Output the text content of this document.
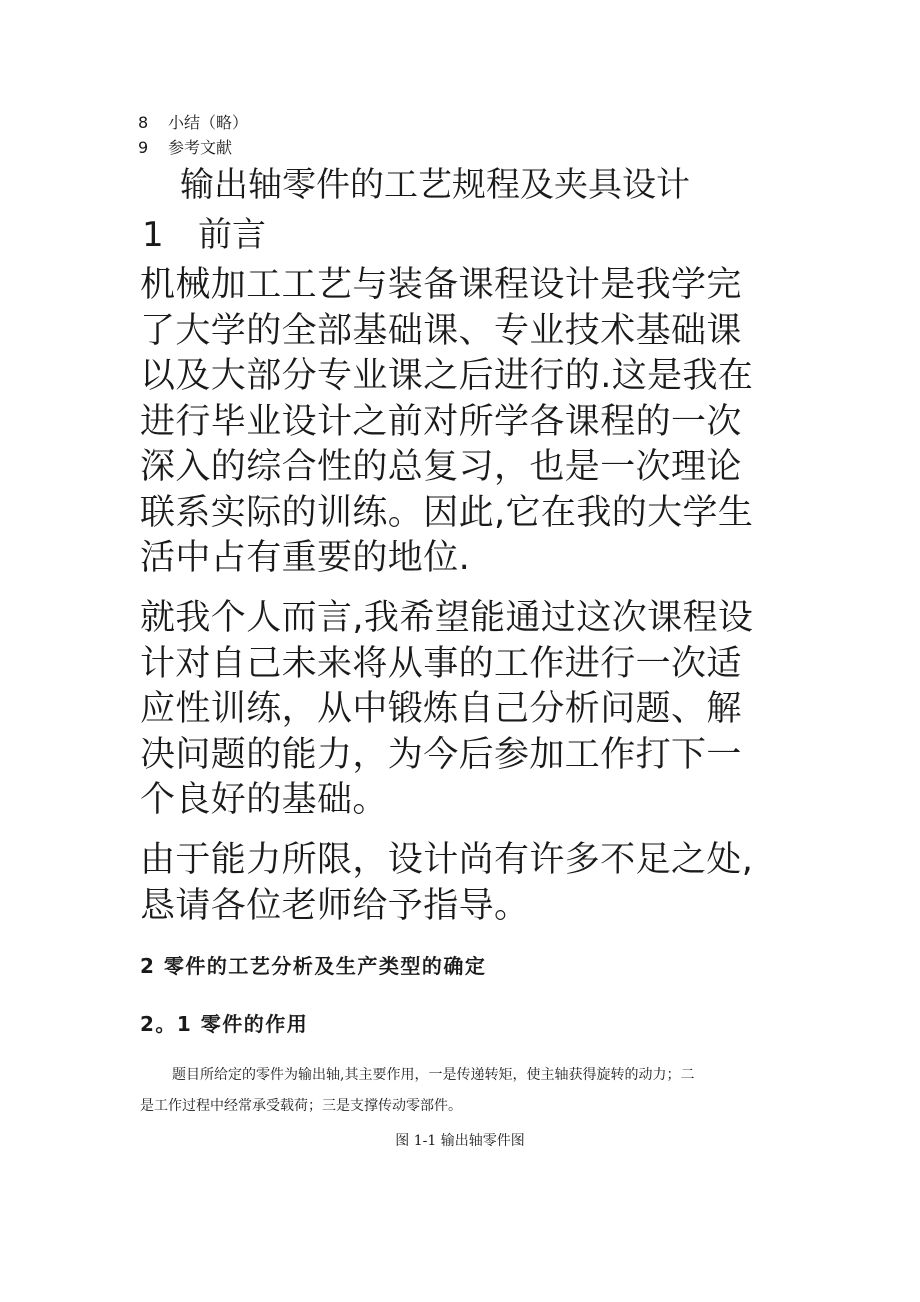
8 小结（略）
9 参考文献
输出轴零件的工艺规程及夹具设计
1 前言
机械加工工艺与装备课程设计是我学完
了大学的全部基础课、专业技术基础课
以及大部分专业课之后进行的.这是我在
进行毕业设计之前对所学各课程的一次
深入的综合性的总复习，也是一次理论
联系实际的训练。因此,它在我的大学生
活中占有重要的地位.
就我个人而言,我希望能通过这次课程设
计对自己未来将从事的工作进行一次适
应性训练，从中锻炼自己分析问题、解
决问题的能力，为今后参加工作打下一
个良好的基础。
由于能力所限，设计尚有许多不足之处,
恳请各位老师给予指导。
2 零件的工艺分析及生产类型的确定
2。1 零件的作用
题目所给定的零件为输出轴,其主要作用，一是传递转矩，使主轴获得旋转的动力；二
是工作过程中经常承受载荷；三是支撑传动零部件。
图 1-1 输出轴零件图
